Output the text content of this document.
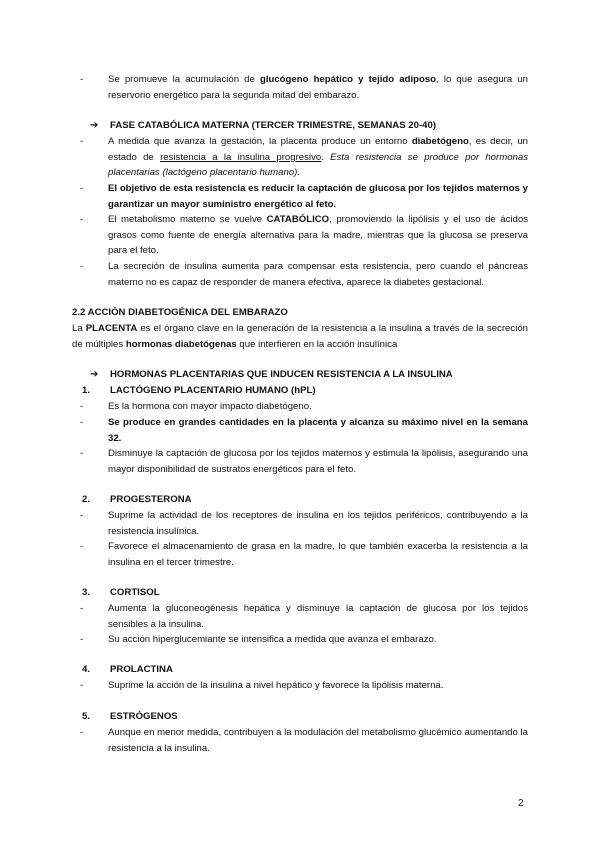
-	Se promueve la acumulación de glucógeno hepático y tejido adiposo, lo que asegura un reservorio energético para la segunda mitad del embarazo.
➔ FASE CATABÓLICA MATERNA (TERCER TRIMESTRE, SEMANAS 20-40)
-	A medida que avanza la gestación, la placenta produce un entorno diabetógeno, es decir, un estado de resistencia a la insulina progresivo. Esta resistencia se produce por hormonas placentarias (lactógeno placentario humano).
-	El objetivo de esta resistencia es reducir la captación de glucosa por los tejidos maternos y garantizar un mayor suministro energético al feto.
-	El metabolismo materno se vuelve CATABÓLICO, promoviendo la lipólisis y el uso de ácidos grasos como fuente de energía alternativa para la madre, mientras que la glucosa se preserva para el feto.
-	La secreción de insulina aumenta para compensar esta resistencia, pero cuando el páncreas materno no es capaz de responder de manera efectiva, aparece la diabetes gestacional.
2.2 ACCIÓN DIABETOGÉNICA DEL EMBARAZO
La PLACENTA es el órgano clave en la generación de la resistencia a la insulina a través de la secreción de múltiples hormonas diabetógenas que interfieren en la acción insulínica
➔ HORMONAS PLACENTARIAS QUE INDUCEN RESISTENCIA A LA INSULINA
1. LACTÓGENO PLACENTARIO HUMANO (hPL)
-	Es la hormona con mayor impacto diabetógeno.
-	Se produce en grandes cantidades en la placenta y alcanza su máximo nivel en la semana 32.
-	Disminuye la captación de glucosa por los tejidos maternos y estimula la lipólisis, asegurando una mayor disponibilidad de sustratos energéticos para el feto.
2. PROGESTERONA
-	Suprime la actividad de los receptores de insulina en los tejidos periféricos, contribuyendo a la resistencia insulínica.
-	Favorece el almacenamiento de grasa en la madre, lo que también exacerba la resistencia a la insulina en el tercer trimestre.
3. CORTISOL
-	Aumenta la gluconeogénesis hepática y disminuye la captación de glucosa por los tejidos sensibles a la insulina.
-	Su acción hiperglucemiante se intensifica a medida que avanza el embarazo.
4. PROLACTINA
-	Suprime la acción de la insulina a nivel hepático y favorece la lipólisis materna.
5. ESTRÓGENOS
-	Aunque en menor medida, contribuyen a la modulación del metabolismo glucémico aumentando la resistencia a la insulina.
2
